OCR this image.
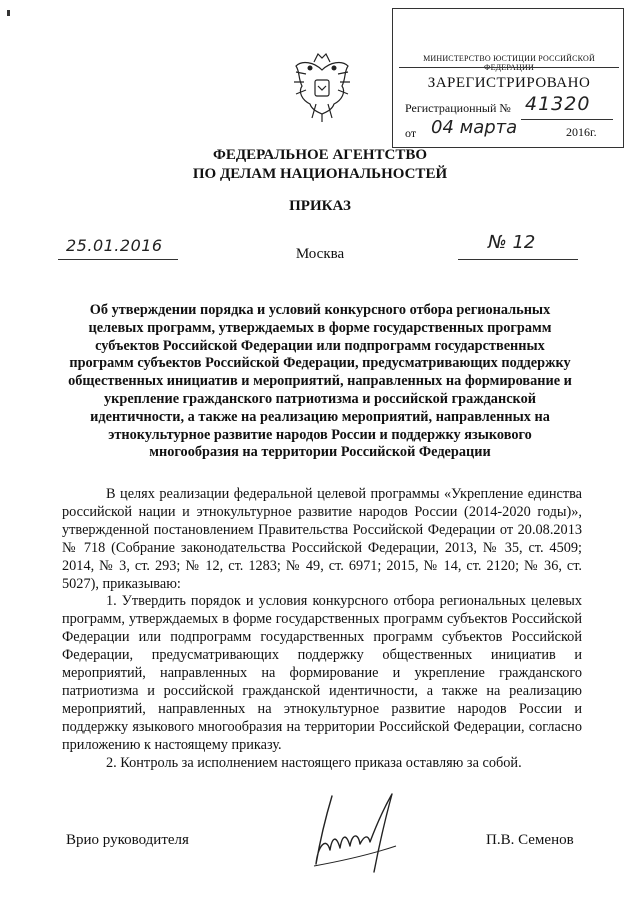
МИНИСТЕРСТВО ЮСТИЦИИ РОССИЙСКОЙ ФЕДЕРАЦИИ
ЗАРЕГИСТРИРОВАНО
Регистрационный № 41320
от 04 марта	2016г.
ФЕДЕРАЛЬНОЕ АГЕНТСТВО
ПО ДЕЛАМ НАЦИОНАЛЬНОСТЕЙ
ПРИКАЗ
25.01.2016	Москва
№ 12

Об утверждении порядка и условий конкурсного отбора региональных целевых программ, утверждаемых в форме государственных программ субъектов Российской Федерации или подпрограмм государственных программ субъектов Российской Федерации, предусматривающих поддержку общественных инициатив и мероприятий, направленных на формирование и укрепление гражданского патриотизма и российской гражданской идентичности, а также на реализацию мероприятий, направленных на этнокультурное развитие народов России и поддержку языкового многообразия на территории Российской Федерации

В целях реализации федеральной целевой программы «Укрепление единства российской нации и этнокультурное развитие народов России (2014-2020 годы)», утвержденной постановлением Правительства Российской Федерации от 20.08.2013 № 718 (Собрание законодательства Российской Федерации, 2013, № 35, ст. 4509; 2014, № 3, ст. 293; № 12, ст. 1283; № 49, ст. 6971; 2015, № 14, ст. 2120; № 36, ст. 5027), приказываю:

1. Утвердить порядок и условия конкурсного отбора региональных целевых программ, утверждаемых в форме государственных программ субъектов Российской Федерации или подпрограмм государственных программ субъектов Российской Федерации, предусматривающих поддержку общественных инициатив и мероприятий, направленных на формирование и укрепление гражданского патриотизма и российской гражданской идентичности, а также на реализацию мероприятий, направленных на этнокультурное развитие народов России и поддержку языкового многообразия на территории Российской Федерации, согласно приложению к настоящему приказу.

2. Контроль за исполнением настоящего приказа оставляю за собой.

Врио руководителя	П.В. Семенов
